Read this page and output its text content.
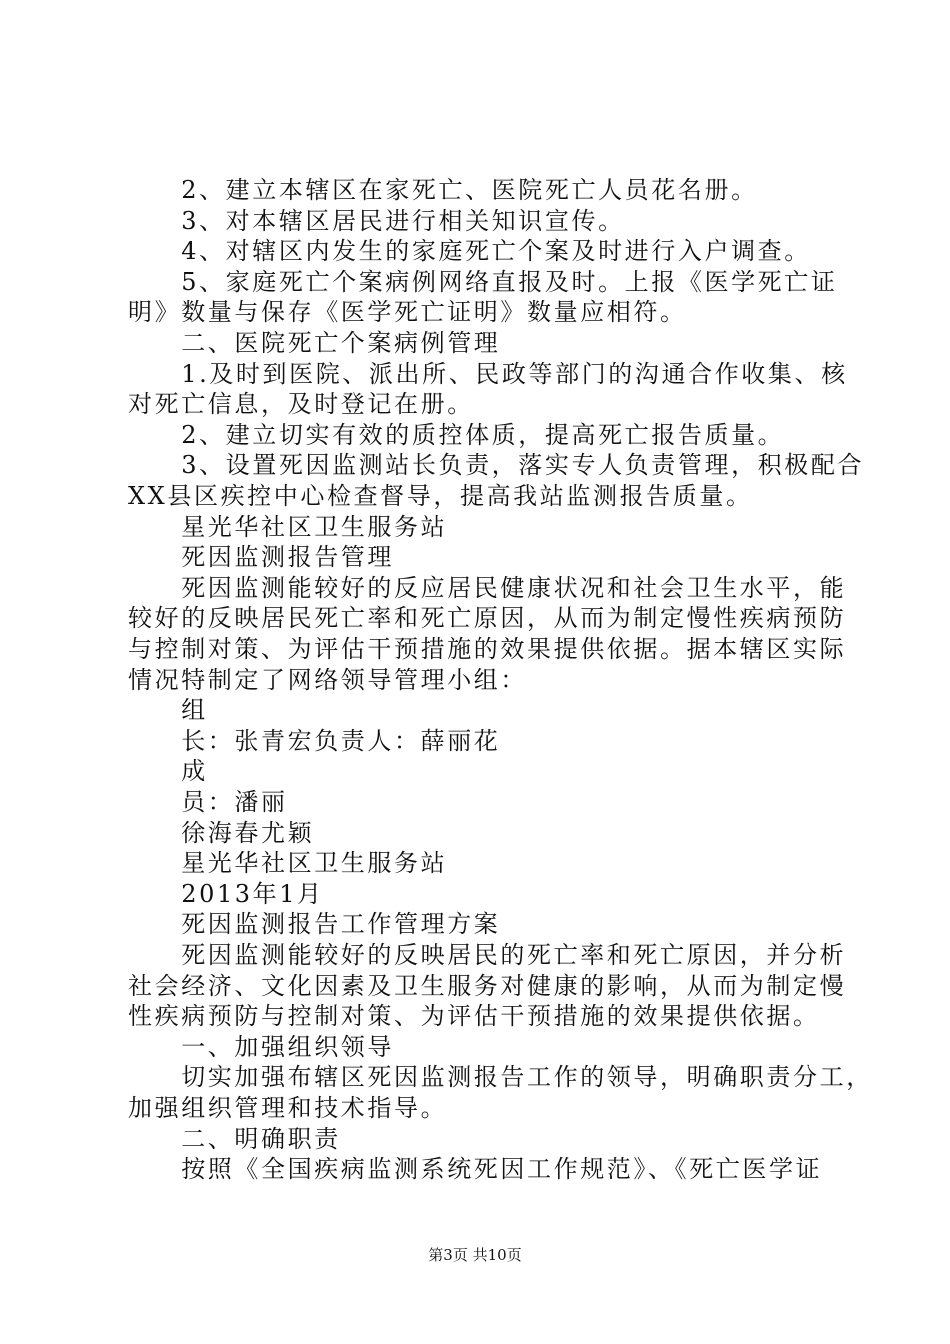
　　2、建立本辖区在家死亡、医院死亡人员花名册。
　　3、对本辖区居民进行相关知识宣传。
　　4、对辖区内发生的家庭死亡个案及时进行入户调查。
　　5、家庭死亡个案病例网络直报及时。上报《医学死亡证
明》数量与保存《医学死亡证明》数量应相符。
　　二、医院死亡个案病例管理
　　1.及时到医院、派出所、民政等部门的沟通合作收集、核
对死亡信息，及时登记在册。
　　2、建立切实有效的质控体质，提高死亡报告质量。
　　3、设置死因监测站长负责，落实专人负责管理，积极配合
XX县区疾控中心检查督导，提高我站监测报告质量。
　　星光华社区卫生服务站
　　死因监测报告管理
　　死因监测能较好的反应居民健康状况和社会卫生水平，能
较好的反映居民死亡率和死亡原因，从而为制定慢性疾病预防
与控制对策、为评估干预措施的效果提供依据。据本辖区实际
情况特制定了网络领导管理小组：
　　组
　　长：张青宏负责人：薛丽花
　　成
　　员：潘丽
　　徐海春尤颖
　　星光华社区卫生服务站
　　2013年1月
　　死因监测报告工作管理方案
　　死因监测能较好的反映居民的死亡率和死亡原因，并分析
社会经济、文化因素及卫生服务对健康的影响，从而为制定慢
性疾病预防与控制对策、为评估干预措施的效果提供依据。
　　一、加强组织领导
　　切实加强布辖区死因监测报告工作的领导，明确职责分工，
加强组织管理和技术指导。
　　二、明确职责
　　按照《全国疾病监测系统死因工作规范》、《死亡医学证
第3页 共10页
